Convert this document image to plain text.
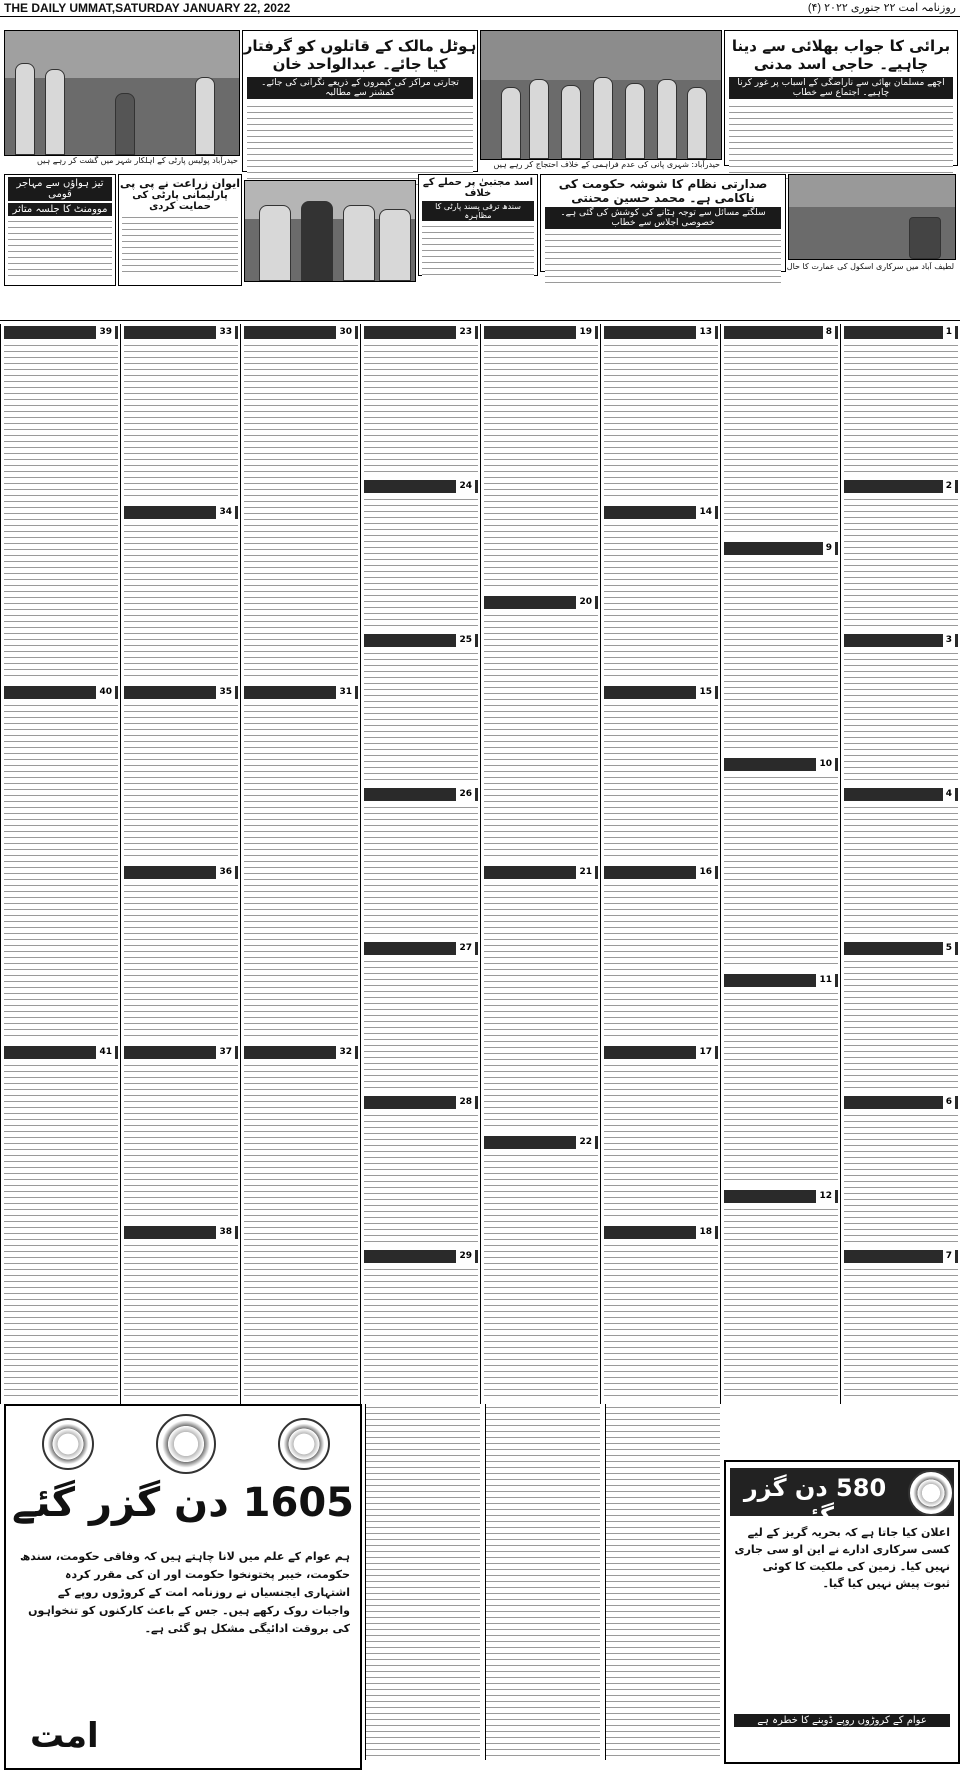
THE DAILY UMMAT,SATURDAY JANUARY 22, 2022	(۴) روزنامہ امت ۲۲ جنوری ۲۰۲۲
برائی کا جواب بھلائی سے دینا چاہیے۔ حاجی اسد مدنی
اچھے مسلمان بھائی سے ناراضگی کے اسباب پر غور کرنا چاہیے۔ اجتماع سے خطاب
حیدرآباد: شہری پانی کی عدم فراہمی کے خلاف احتجاج کر رہے ہیں
ہوٹل مالک کے قاتلوں کو گرفتار کیا جائے۔ عبدالواحد خان
تجارتی مراکز کی کیمروں کے ذریعے نگرانی کی جائے۔ کمشنر سے مطالبہ
حیدرآباد پولیس پارٹی کے اہلکار شہر میں گشت کر رہے ہیں
صدارتی نظام کا شوشہ حکومت کی ناکامی ہے۔ محمد حسین محنتی
سلگتے مسائل سے توجہ ہٹانے کی کوشش کی گئی ہے۔ خصوصی اجلاس سے خطاب
لطیف آباد میں سرکاری اسکول کی عمارت کا حال
اسد مجتبیٰ پر حملے کے خلاف
سندھ ترقی پسند پارٹی کا مظاہرہ
ایوان زراعت نے پی پی
پارلیمانی پارٹی کی حمایت کردی
تیز ہواؤں سے مہاجر قومی
موومنٹ کا جلسہ متاثر
1
2
3
4
5
6
7
8
9
10
11
12
13
14
15
16
17
18
19
20
21
22
23
24
25
26
27
28
29
30
31
32
33
34
35
36
37
38
39
40
41
1605 دن گزر گئے
ہم عوام کے علم میں لانا چاہتے ہیں کہ وفاقی حکومت، سندھ حکومت، خیبر پختونخوا حکومت اور ان کی مقرر کردہ اشتہاری ایجنسیاں نے روزنامہ امت کے کروڑوں روپے کے واجبات روک رکھے ہیں۔ جس کے باعث کارکنوں کو تنخواہوں کی بروقت ادائیگی مشکل ہو گئی ہے۔
امت
580 دن گزر گئے
اعلان کیا جاتا ہے کہ بحریہ گریز کے لیے کسی سرکاری ادارے نے این او سی جاری نہیں کیا۔ زمین کی ملکیت کا کوئی ثبوت پیش نہیں کیا گیا۔
عوام کے کروڑوں روپے ڈوبنے کا خطرہ ہے
